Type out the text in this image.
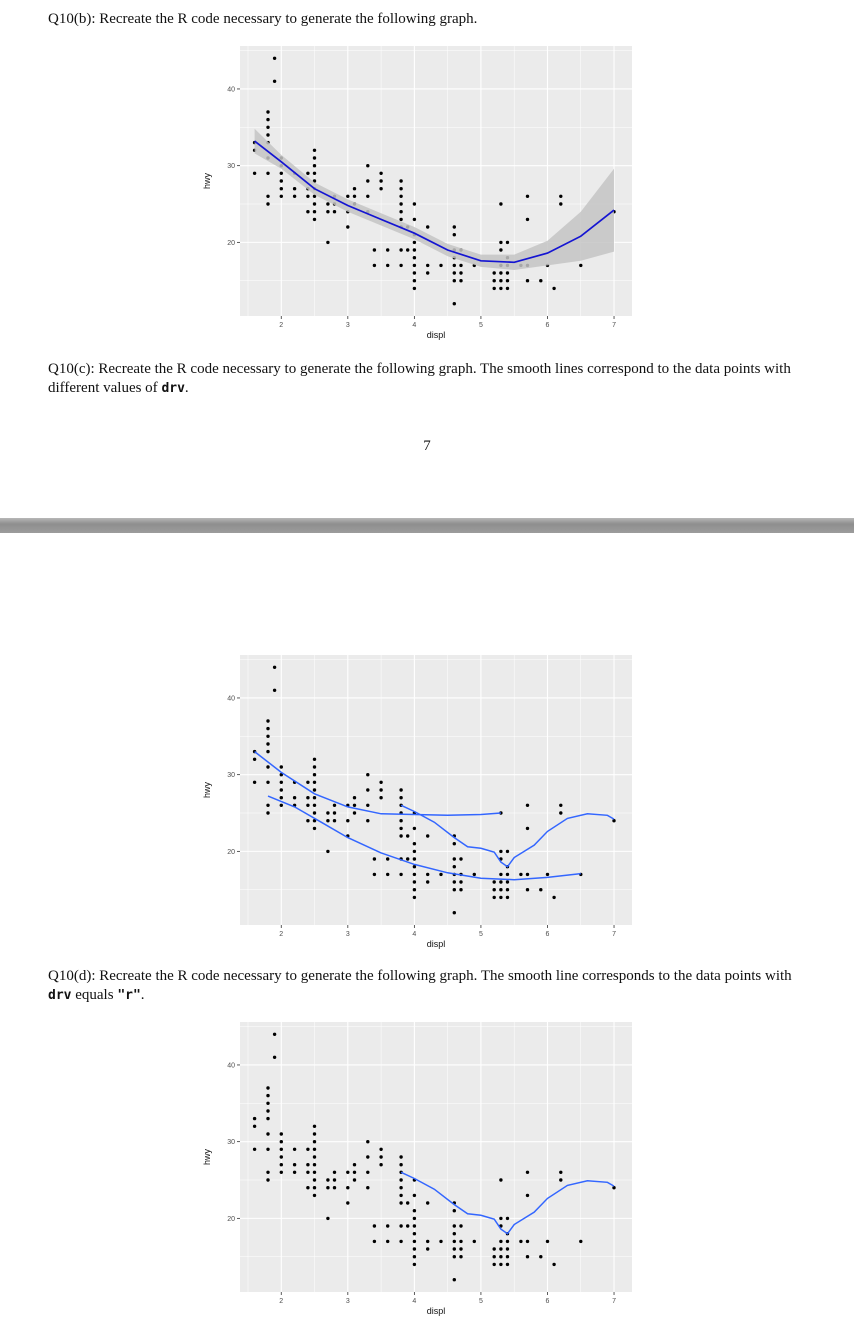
Q10(b): Recreate the R code necessary to generate the following graph.

20
30
40
2	3	4	5	6	7
displ
hwy

Q10(c): Recreate the R code necessary to generate the following graph. The smooth lines correspond to the data points with different values of drv.

7
20
30
40
2	3	4	5	6	7
displ
hwy

Q10(d): Recreate the R code necessary to generate the following graph. The smooth line corresponds to the data points with drv equals "r".

20
30
40
2	3	4	5	6	7
displ
hwy
